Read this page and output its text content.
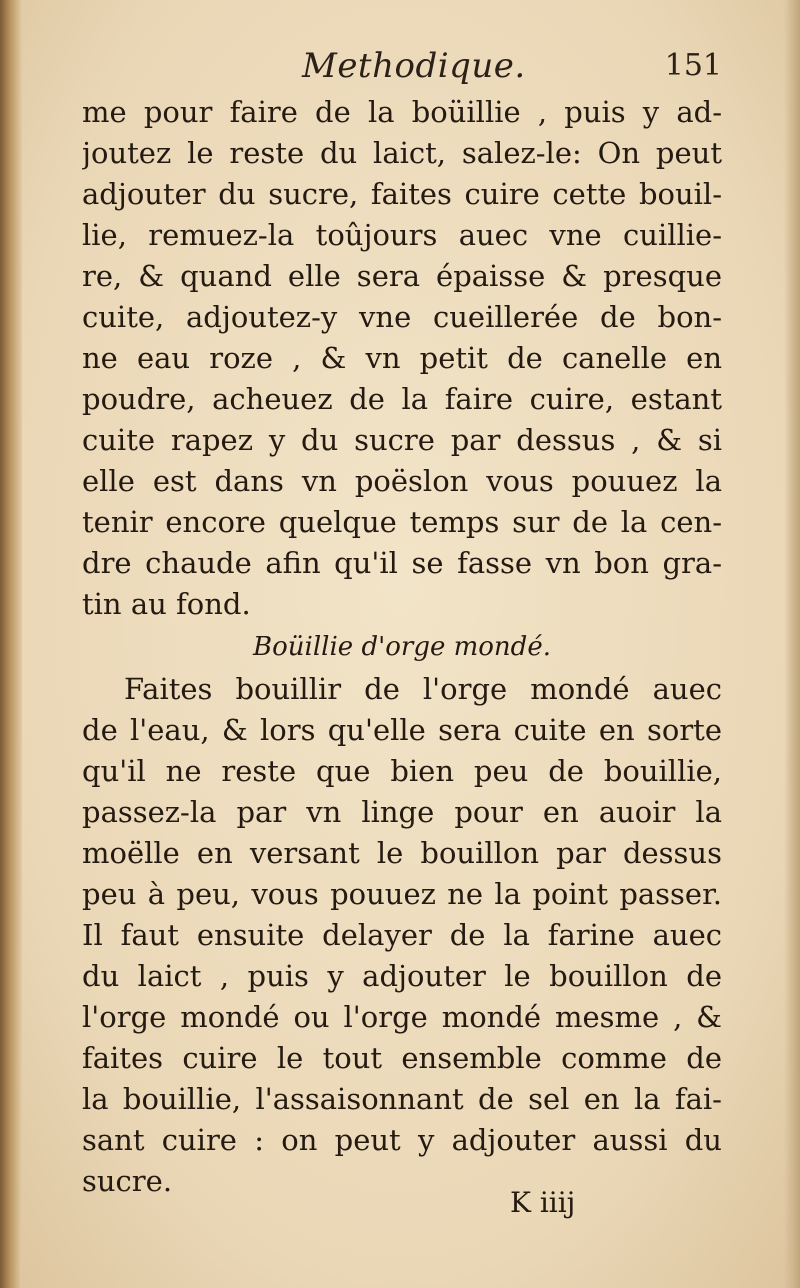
Methodique.	151
me pour faire de la boüillie , puis y ad-
joutez le reste du laict, salez-le: On peut
adjouter du sucre, faites cuire cette bouil-
lie, remuez-la toûjours auec vne cuillie-
re, & quand elle sera épaisse & presque
cuite, adjoutez-y vne cueillerée de bon-
ne eau roze , & vn petit de canelle en
poudre, acheuez de la faire cuire, estant
cuite rapez y du sucre par dessus , & si
elle est dans vn poëslon vous pouuez la
tenir encore quelque temps sur de la cen-
dre chaude afin qu'il se fasse vn bon gra-
tin au fond.
Boüillie d'orge mondé.
Faites bouillir de l'orge mondé auec
de l'eau, & lors qu'elle sera cuite en sorte
qu'il ne reste que bien peu de bouillie,
passez-la par vn linge pour en auoir la
moëlle en versant le bouillon par dessus
peu à peu, vous pouuez ne la point passer.
Il faut ensuite delayer de la farine auec
du laict , puis y adjouter le bouillon de
l'orge mondé ou l'orge mondé mesme , &
faites cuire le tout ensemble comme de
la bouillie, l'assaisonnant de sel en la fai-
sant cuire : on peut y adjouter aussi du
sucre.
K iiij
